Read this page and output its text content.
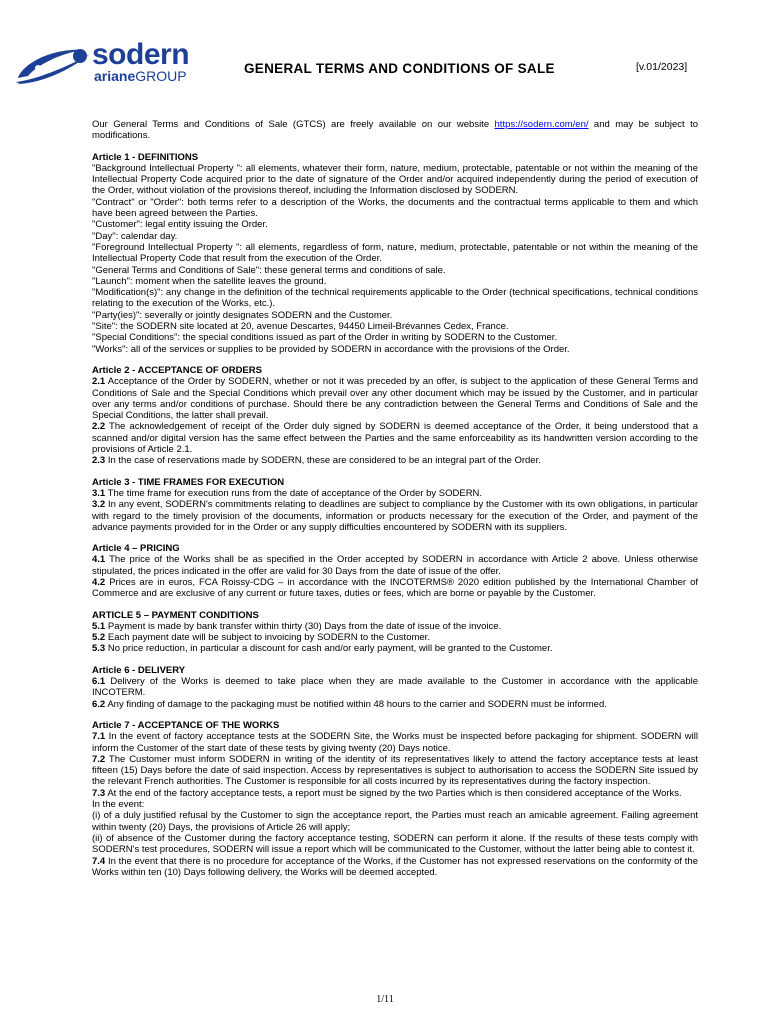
sodern
arianeGROUP	GENERAL TERMS AND CONDITIONS OF SALE	[v.01/2023]

Our General Terms and Conditions of Sale (GTCS) are freely available on our website https://sodern.com/en/ and may be subject to modifications.

Article 1 - DEFINITIONS

"Background Intellectual Property ": all elements, whatever their form, nature, medium, protectable, patentable or not within the meaning of the Intellectual Property Code acquired prior to the date of signature of the Order and/or acquired independently during the period of execution of the Order, without violation of the provisions thereof, including the Information disclosed by SODERN.

"Contract" or "Order": both terms refer to a description of the Works, the documents and the contractual terms applicable to them and which have been agreed between the Parties.

"Customer": legal entity issuing the Order.

"Day": calendar day.

"Foreground Intellectual Property ": all elements, regardless of form, nature, medium, protectable, patentable or not within the meaning of the Intellectual Property Code that result from the execution of the Order.

"General Terms and Conditions of Sale": these general terms and conditions of sale.

"Launch": moment when the satellite leaves the ground.

"Modification(s)": any change in the definition of the technical requirements applicable to the Order (technical specifications, technical conditions relating to the execution of the Works, etc.).

"Party(ies)": severally or jointly designates SODERN and the Customer.

"Site": the SODERN site located at 20, avenue Descartes, 94450 Limeil-Brévannes Cedex, France.

"Special Conditions": the special conditions issued as part of the Order in writing by SODERN to the Customer.

"Works": all of the services or supplies to be provided by SODERN in accordance with the provisions of the Order.

Article 2 - ACCEPTANCE OF ORDERS

2.1 Acceptance of the Order by SODERN, whether or not it was preceded by an offer, is subject to the application of these General Terms and Conditions of Sale and the Special Conditions which prevail over any other document which may be issued by the Customer, and in particular over any terms and/or conditions of purchase. Should there be any contradiction between the General Terms and Conditions of Sale and the Special Conditions, the latter shall prevail.

2.2 The acknowledgement of receipt of the Order duly signed by SODERN is deemed acceptance of the Order, it being understood that a scanned and/or digital version has the same effect between the Parties and the same enforceability as its handwritten version according to the provisions of Article 2.1.

2.3 In the case of reservations made by SODERN, these are considered to be an integral part of the Order.

Article 3 - TIME FRAMES FOR EXECUTION

3.1 The time frame for execution runs from the date of acceptance of the Order by SODERN.

3.2 In any event, SODERN's commitments relating to deadlines are subject to compliance by the Customer with its own obligations, in particular with regard to the timely provision of the documents, information or products necessary for the execution of the Order, and payment of the advance payments provided for in the Order or any supply difficulties encountered by SODERN with its suppliers.

Article 4 – PRICING

4.1 The price of the Works shall be as specified in the Order accepted by SODERN in accordance with Article 2 above. Unless otherwise stipulated, the prices indicated in the offer are valid for 30 Days from the date of issue of the offer.

4.2 Prices are in euros, FCA Roissy-CDG – in accordance with the INCOTERMS® 2020 edition published by the International Chamber of Commerce and are exclusive of any current or future taxes, duties or fees, which are borne or payable by the Customer.

ARTICLE 5 – PAYMENT CONDITIONS

5.1 Payment is made by bank transfer within thirty (30) Days from the date of issue of the invoice.

5.2 Each payment date will be subject to invoicing by SODERN to the Customer.

5.3 No price reduction, in particular a discount for cash and/or early payment, will be granted to the Customer.

Article 6 - DELIVERY

6.1 Delivery of the Works is deemed to take place when they are made available to the Customer in accordance with the applicable INCOTERM.

6.2 Any finding of damage to the packaging must be notified within 48 hours to the carrier and SODERN must be informed.

Article 7 - ACCEPTANCE OF THE WORKS

7.1 In the event of factory acceptance tests at the SODERN Site, the Works must be inspected before packaging for shipment. SODERN will inform the Customer of the start date of these tests by giving twenty (20) Days notice.

7.2 The Customer must inform SODERN in writing of the identity of its representatives likely to attend the factory acceptance tests at least fifteen (15) Days before the date of said inspection. Access by representatives is subject to authorisation to access the SODERN Site issued by the relevant French authorities. The Customer is responsible for all costs incurred by its representatives during the factory inspection.

7.3 At the end of the factory acceptance tests, a report must be signed by the two Parties which is then considered acceptance of the Works.

In the event:

(i) of a duly justified refusal by the Customer to sign the acceptance report, the Parties must reach an amicable agreement. Failing agreement within twenty (20) Days, the provisions of Article 26 will apply;

(ii) of absence of the Customer during the factory acceptance testing, SODERN can perform it alone. If the results of these tests comply with SODERN's test procedures, SODERN will issue a report which will be communicated to the Customer, without the latter being able to contest it.

7.4 In the event that there is no procedure for acceptance of the Works, if the Customer has not expressed reservations on the conformity of the Works within ten (10) Days following delivery, the Works will be deemed accepted.

1/11
